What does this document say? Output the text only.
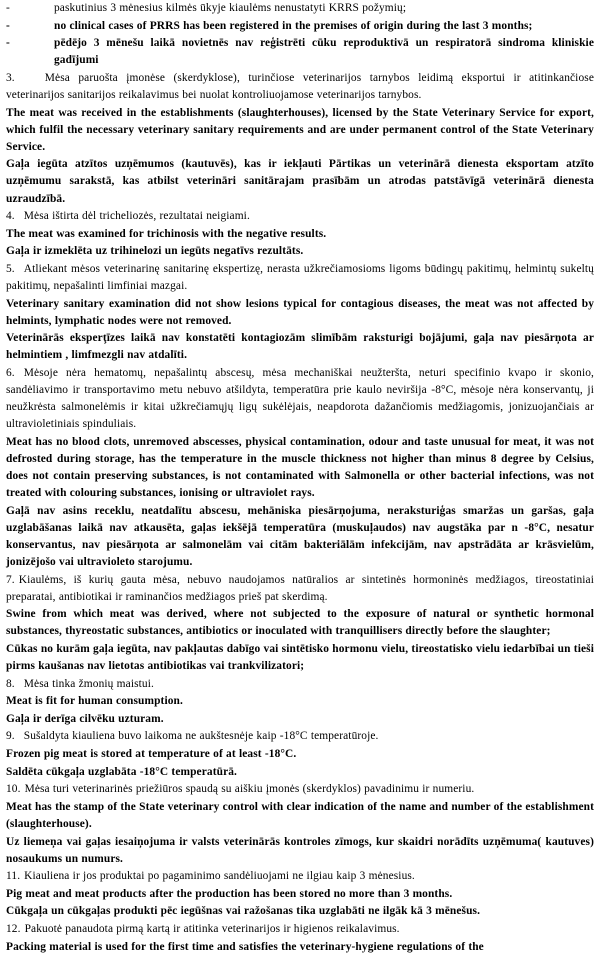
-	paskutinius 3 mėnesius kilmės ūkyje kiaulėms nenustatyti KRRS požymių;

-	no clinical cases of PRRS has been registered in the premises of origin during the last 3 months;

-	pēdējo 3 mēnešu laikā novietnēs nav reģistrēti cūku reproduktivā un respiratorā sindroma kliniskie gadījumi

3.	Mėsa paruošta įmonėse (skerdyklose), turinčiose veterinarijos tarnybos leidimą eksportui ir atitinkančiose veterinarijos sanitarijos reikalavimus bei nuolat kontroliuojamose veterinarijos tarnybos.

The meat was received in the establishments (slaughterhouses), licensed by the State Veterinary Service for export, which fulfil the necessary veterinary sanitary requirements and are under permanent control of the State Veterinary Service.

Gaļa iegūta atzītos uzņēmumos (kautuvēs), kas ir iekļauti Pārtikas un veterinārā dienesta eksportam atzīto uzņēmumu sarakstā, kas atbilst veterināri sanitārajam prasībām un atrodas patstāvīgā veterinārā dienesta uzraudzībā.

4. Mėsa ištirta dėl tricheliozės, rezultatai neigiami.

The meat was examined for trichinosis with the negative results.

Gaļa ir izmeklēta uz trihinelozi un iegūts negatīvs rezultāts.

5. Atliekant mėsos veterinarinę sanitarinę ekspertizę, nerasta užkrečiamosioms ligoms būdingų pakitimų, helmintų sukeltų pakitimų, nepašalinti limfiniai mazgai.

Veterinary sanitary examination did not show lesions typical for contagious diseases, the meat was not affected by helmints, lymphatic nodes were not removed.

Veterinārās eksperţīzes laikā nav konstatēti kontagiozām slimībām raksturigi bojājumi, gaļa nav piesārņota ar helmintiem , limfmezgli nav atdalīti.

6. Mėsoje nėra hematomų, nepašalintų abscesų, mėsa mechaniškai neužteršta, neturi specifinio kvapo ir skonio, sandėliavimo ir transportavimo metu nebuvo atšildyta, temperatūra prie kaulo neviršija -8°C, mėsoje nėra konservantų, ji neužkrėsta salmonelėmis ir kitai užkrečiamųjų ligų sukėlėjais, neapdorota dažančiomis medžiagomis, jonizuojančiais ar ultravioletiniais spinduliais.

Meat has no blood clots, unremoved abscesses, physical contamination, odour and taste unusual for meat, it was not defrosted during storage, has the temperature in the muscle thickness not higher than minus 8 degree by Celsius, does not contain preserving substances, is not contaminated with Salmonella or other bacterial infections, was not treated with colouring substances, ionising or ultraviolet rays.

Gaļā nav asins receklu, neatdalītu abscesu, mehāniska piesārņojuma, neraksturiģas smaržas un garšas, gaļa uzglabāšanas laikā nav atkausēta, gaļas iekšējā temperatūra (muskuļaudos) nav augstāka par n -8°C, nesatur konservantus, nav piesārņota ar salmonelām vai citām bakteriālām infekcijām, nav apstrādāta ar krāsvielūm, jonizējošo vai ultravioleto starojumu.

7. Kiaulėms, iš kurių gauta mėsa, nebuvo naudojamos natūralios ar sintetinės hormoninės medžiagos, tireostatiniai preparatai, antibiotikai ir raminančios medžiagos prieš pat skerdimą.

Swine from which meat was derived, where not subjected to the exposure of natural or synthetic hormonal substances, thyreostatic substances, antibiotics or inoculated with tranquillisers directly before the slaughter;

Cūkas no kurām gaļa iegūta, nav pakļautas dabīgo vai sintētisko hormonu vielu, tireostatisko vielu iedarbībai un tieši pirms kaušanas nav lietotas antibiotikas vai trankvilizatori;

8. Mėsa tinka žmonių maistui.

Meat is fit for human consumption.

Gaļa ir derīga cilvēku uzturam.

9. Sušaldyta kiauliena buvo laikoma ne aukštesnėje kaip -18°C temperatūroje.

Frozen pig meat is stored at temperature of at least -18°C.

Saldēta cūkgaļa uzglabāta -18°C temperatūrā.

10. Mėsa turi veterinarinės priežiūros spaudą su aiškiu įmonės (skerdyklos) pavadinimu ir numeriu.

Meat has the stamp of the State veterinary control with clear indication of the name and number of the establishment (slaughterhouse).

Uz liemeņa vai gaļas iesaiņojuma ir valsts veterinārās kontroles zīmogs, kur skaidri norādīts uzņēmuma( kautuves) nosaukums un numurs.

11. Kiauliena ir jos produktai po pagaminimo sandėliuojami ne ilgiau kaip 3 mėnesius.

Pig meat and meat products after the production has been stored no more than 3 months.

Cūkgaļa un cūkgaļas produkti pēc iegūšnas vai ražošanas tika uzglabāti ne ilgāk kā 3 mēnešus.

12. Pakuotė panaudota pirmą kartą ir atitinka veterinarijos ir higienos reikalavimus.

Packing material is used for the first time and satisfies the veterinary-hygiene regulations of the
